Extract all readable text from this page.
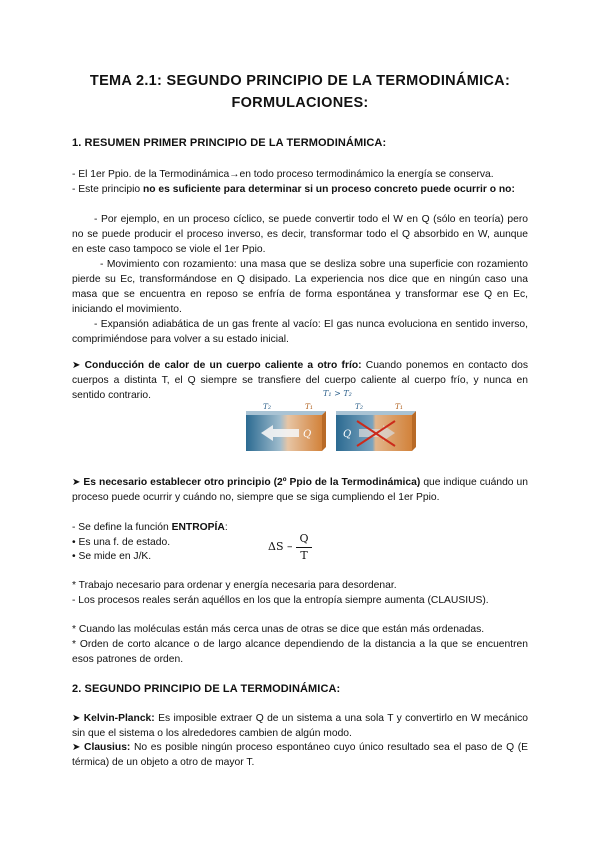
TEMA 2.1: SEGUNDO PRINCIPIO DE LA TERMODINÁMICA:
FORMULACIONES:
1. RESUMEN PRIMER PRINCIPIO DE LA TERMODINÁMICA:
- El 1er Ppio. de la Termodinámica→en todo proceso termodinámico la energía se conserva.
- Este principio no es suficiente para determinar si un proceso concreto puede ocurrir o no:
- Por ejemplo, en un proceso cíclico, se puede convertir todo el W en Q (sólo en teoría) pero no se puede producir el proceso inverso, es decir, transformar todo el Q absorbido en W, aunque en este caso tampoco se viole el 1er Ppio.
- Movimiento con rozamiento: una masa que se desliza sobre una superficie con rozamiento pierde su Ec, transformándose en Q disipado. La experiencia nos dice que en ningún caso una masa que se encuentra en reposo se enfría de forma espontánea y transformar ese Q en Ec, iniciando el movimiento.
- Expansión adiabática de un gas frente al vacío: El gas nunca evoluciona en sentido inverso, comprimiéndose para volver a su estado inicial.
➤ Conducción de calor de un cuerpo caliente a otro frío: Cuando ponemos en contacto dos cuerpos a distinta T, el Q siempre se transfiere del cuerpo caliente al cuerpo frío, y nunca en sentido contrario.	T₁ > T₂
T₂	T₁
Q
T₂	T₁
Q
➤ Es necesario establecer otro principio (2º Ppio de la Termodinámica) que indique cuándo un proceso puede ocurrir y cuándo no, siempre que se siga cumpliendo el 1er Ppio.
- Se define la función ENTROPÍA:
• Es una f. de estado.
• Se mide en J/K.
ΔS –
Q
T
* Trabajo necesario para ordenar y energía necesaria para desordenar.
- Los procesos reales serán aquéllos en los que la entropía siempre aumenta (CLAUSIUS).
* Cuando las moléculas están más cerca unas de otras se dice que están más ordenadas.
* Orden de corto alcance o de largo alcance dependiendo de la distancia a la que se encuentren esos patrones de orden.
2. SEGUNDO PRINCIPIO DE LA TERMODINÁMICA:
➤ Kelvin-Planck: Es imposible extraer Q de un sistema a una sola T y convertirlo en W mecánico sin que el sistema o los alrededores cambien de algún modo.
➤ Clausius: No es posible ningún proceso espontáneo cuyo único resultado sea el paso de Q (E térmica) de un objeto a otro de mayor T.
